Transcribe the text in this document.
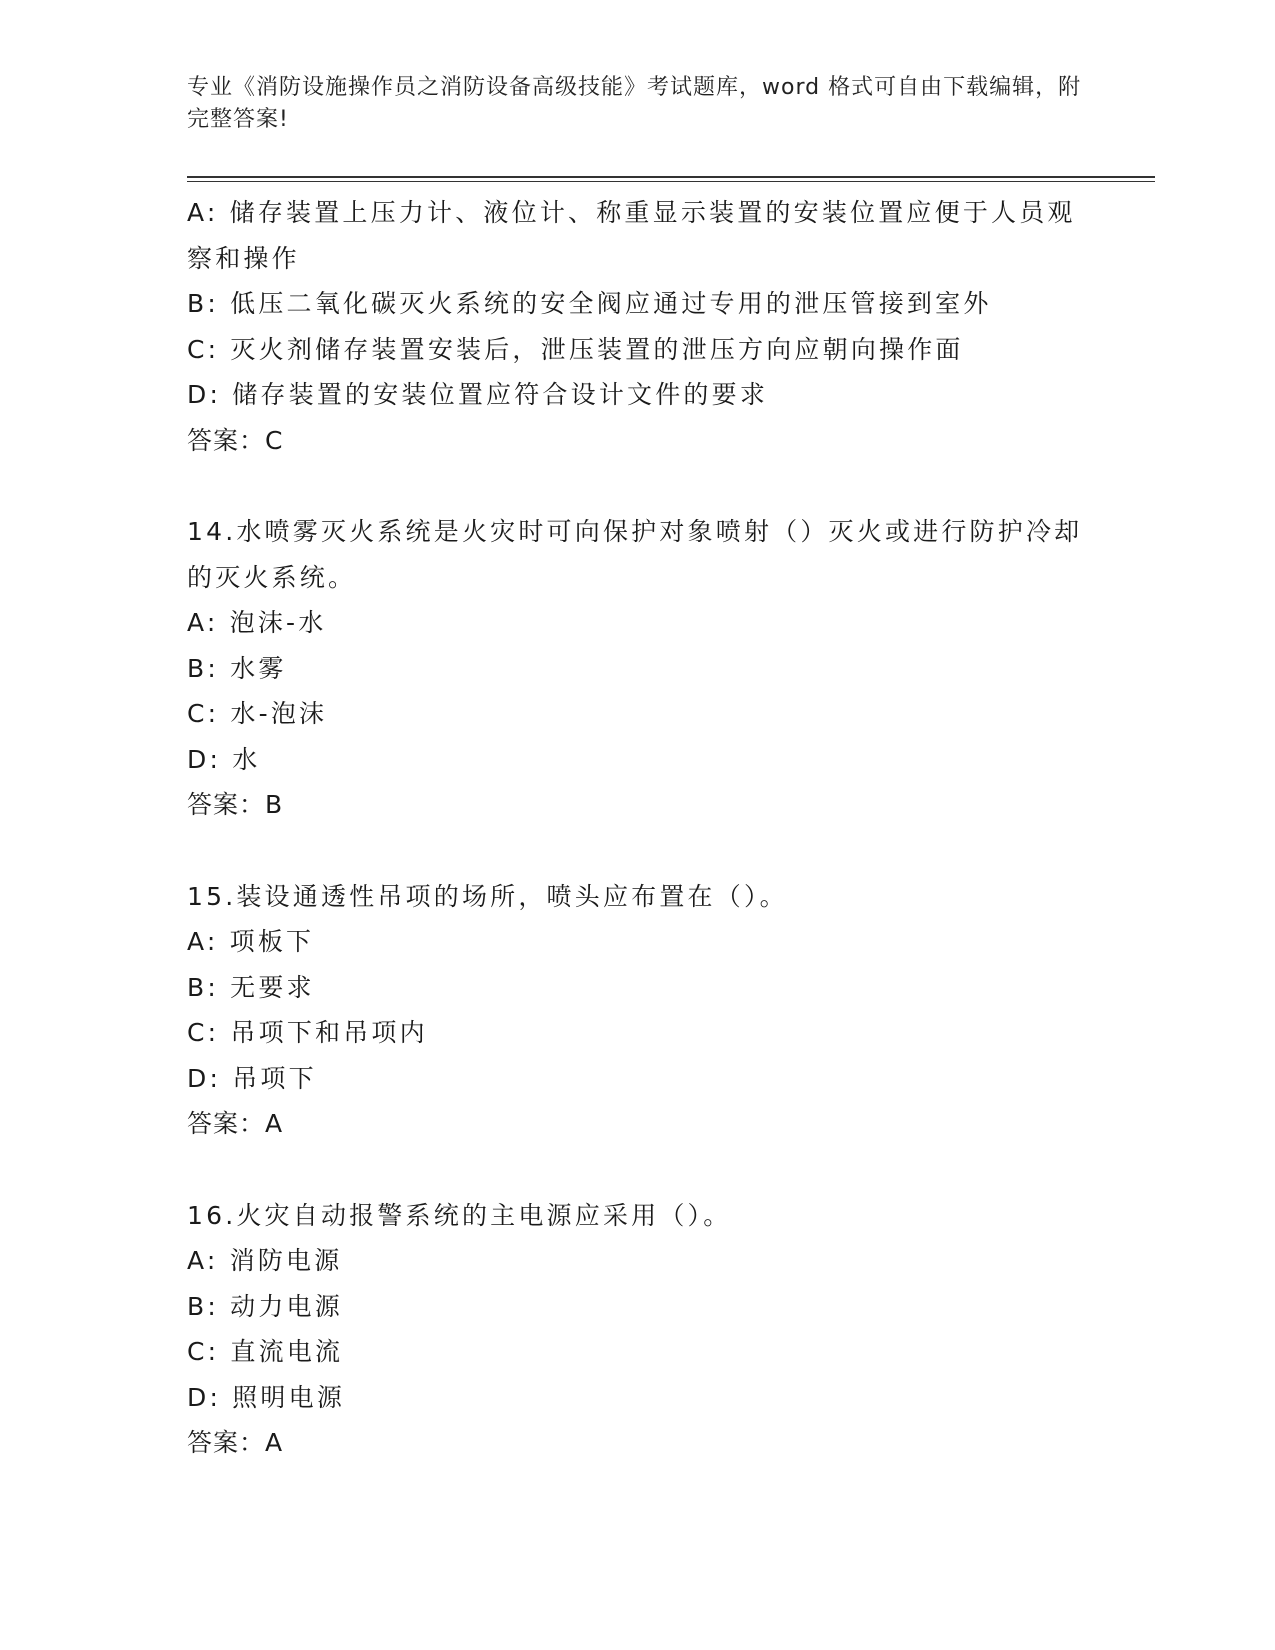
专业《消防设施操作员之消防设备高级技能》考试题库，word 格式可自由下载编辑，附完整答案!

A: 储存装置上压力计、液位计、称重显示装置的安装位置应便于人员观察和操作

B: 低压二氧化碳灭火系统的安全阀应通过专用的泄压管接到室外

C: 灭火剂储存装置安装后，泄压装置的泄压方向应朝向操作面

D: 储存装置的安装位置应符合设计文件的要求

答案：C

14.水喷雾灭火系统是火灾时可向保护对象喷射（）灭火或进行防护冷却的灭火系统。

A: 泡沫-水

B: 水雾

C: 水-泡沫

D: 水

答案：B

15.装设通透性吊项的场所，喷头应布置在（）。

A: 项板下

B: 无要求

C: 吊项下和吊项内

D: 吊项下

答案：A

16.火灾自动报警系统的主电源应采用（）。

A: 消防电源

B: 动力电源

C: 直流电流

D: 照明电源

答案：A
